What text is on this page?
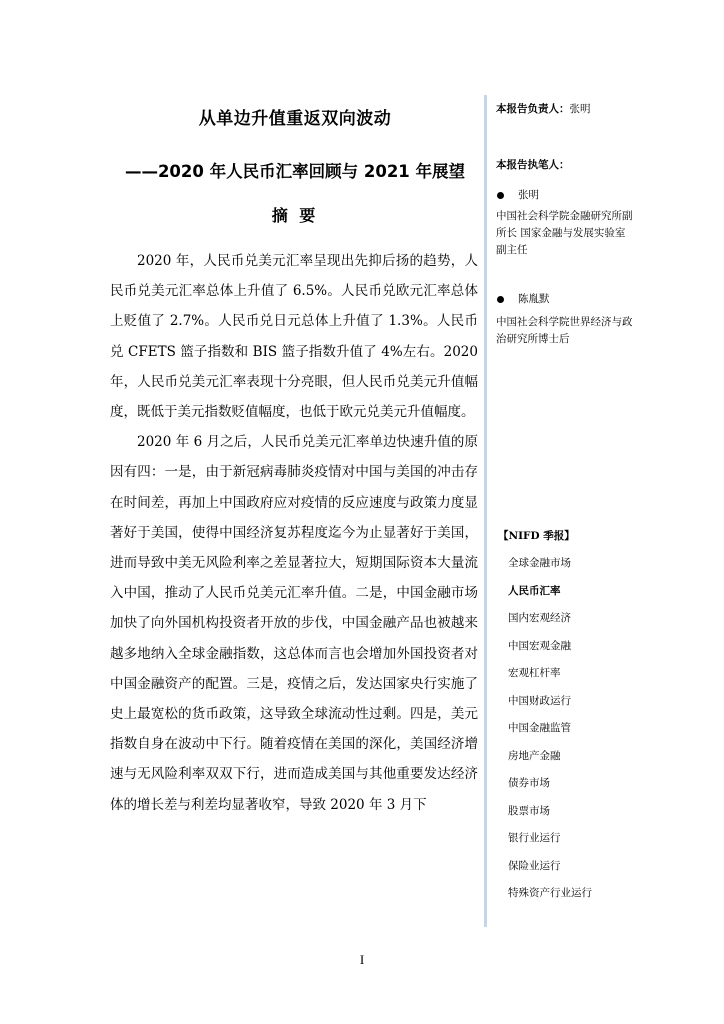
从单边升值重返双向波动
——2020 年人民币汇率回顾与 2021 年展望
摘 要

2020 年，人民币兑美元汇率呈现出先抑后扬的趋势，人民币兑美元汇率总体上升值了 6.5%。人民币兑欧元汇率总体上贬值了 2.7%。人民币兑日元总体上升值了 1.3%。人民币兑 CFETS 篮子指数和 BIS 篮子指数升值了 4%左右。2020 年，人民币兑美元汇率表现十分亮眼，但人民币兑美元升值幅度，既低于美元指数贬值幅度，也低于欧元兑美元升值幅度。

2020 年 6 月之后，人民币兑美元汇率单边快速升值的原因有四：一是，由于新冠病毒肺炎疫情对中国与美国的冲击存在时间差，再加上中国政府应对疫情的反应速度与政策力度显著好于美国，使得中国经济复苏程度迄今为止显著好于美国，进而导致中美无风险利率之差显著拉大，短期国际资本大量流入中国，推动了人民币兑美元汇率升值。二是，中国金融市场加快了向外国机构投资者开放的步伐，中国金融产品也被越来越多地纳入全球金融指数，这总体而言也会增加外国投资者对中国金融资产的配置。三是，疫情之后，发达国家央行实施了史上最宽松的货币政策，这导致全球流动性过剩。四是，美元指数自身在波动中下行。随着疫情在美国的深化，美国经济增速与无风险利率双双下行，进而造成美国与其他重要发达经济体的增长差与利差均显著收窄，导致 2020 年 3 月下

本报告负责人：张明
本报告执笔人：
张明
中国社会科学院金融研究所副所长 国家金融与发展实验室副主任
陈胤默
中国社会科学院世界经济与政治研究所博士后
【NIFD 季报】
全球金融市场
人民币汇率
国内宏观经济
中国宏观金融
宏观杠杆率
中国财政运行
中国金融监管
房地产金融
债券市场
股票市场
银行业运行
保险业运行
特殊资产行业运行
I
